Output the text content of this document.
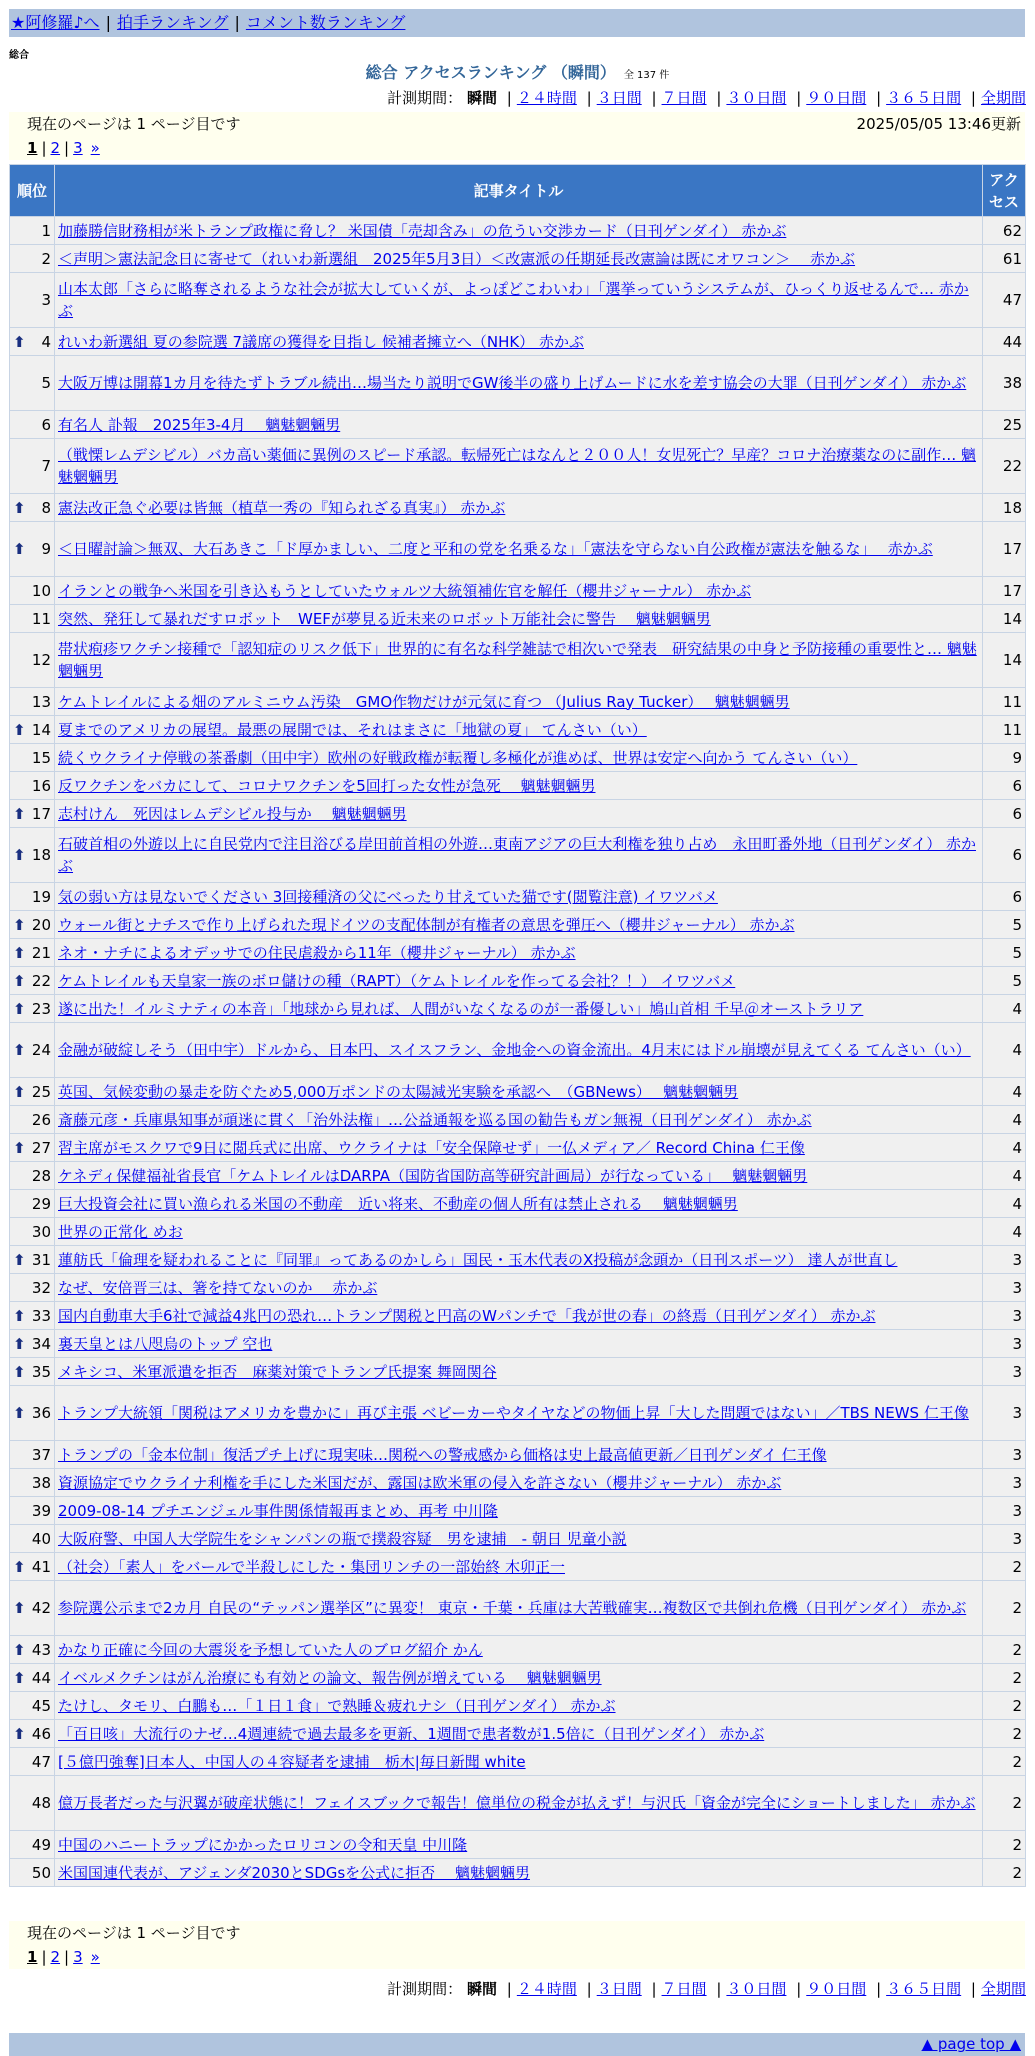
★阿修羅♪へ | 拍手ランキング | コメント数ランキング
総合
総合 アクセスランキング （瞬間） 全 137 件
計測期間： 瞬間 | ２４時間 | ３日間 | ７日間 | ３０日間 | ９０日間 | ３６５日間 | 全期間
現在のページは 1 ページ目です	2025/05/05 13:46更新
1 | 2 | 3 »
順位	記事タイトル	アクセス
1	加藤勝信財務相が米トランプ政権に脅し？ 米国債「売却含み」の危うい交渉カード（日刊ゲンダイ） 赤かぶ	62
2	＜声明＞憲法記念日に寄せて（れいわ新選組　2025年5月3日）＜改憲派の任期延長改憲論は既にオワコン＞　 赤かぶ	61
3	山本太郎「さらに略奪されるような社会が拡大していくが、よっぽどこわいわ」「選挙っていうシステムが、ひっくり返せるんで… 赤かぶ	47

⬆ 4	れいわ新選組 夏の参院選 7議席の獲得を目指し 候補者擁立へ（NHK） 赤かぶ	44
5	大阪万博は開幕1カ月を待たずトラブル続出…場当たり説明でGW後半の盛り上げムードに水を差す協会の大罪（日刊ゲンダイ） 赤かぶ	38
6	有名人 訃報　2025年3-4月　 魑魅魍魎男	25
7	（戦慄レムデシビル）バカ高い薬価に異例のスピード承認。転帰死亡はなんと２００人！女児死亡？早産？コロナ治療薬なのに副作… 魑魅魍魎男	22

⬆ 8	憲法改正急ぐ必要は皆無（植草一秀の『知られざる真実』） 赤かぶ	18

⬆ 9	＜日曜討論＞無双、大石あきこ「ド厚かましい、二度と平和の党を名乗るな」「憲法を守らない自公政権が憲法を触るな」　 赤かぶ	17
10	イランとの戦争へ米国を引き込もうとしていたウォルツ大統領補佐官を解任（櫻井ジャーナル） 赤かぶ	17
11	突然、発狂して暴れだすロボット　WEFが夢見る近未来のロボット万能社会に警告　 魑魅魍魎男	14
12	帯状疱疹ワクチン接種で「認知症のリスク低下」世界的に有名な科学雑誌で相次いで発表　研究結果の中身と予防接種の重要性と… 魑魅魍魎男	14
13	ケムトレイルによる畑のアルミニウム汚染　GMO作物だけが元気に育つ （Julius Ray Tucker）　 魑魅魍魎男	11

⬆ 14	夏までのアメリカの展望。最悪の展開では、それはまさに「地獄の夏」 てんさい（い）	11
15	続くウクライナ停戦の茶番劇（田中宇）欧州の好戦政権が転覆し多極化が進めば、世界は安定へ向かう てんさい（い）	9
16	反ワクチンをバカにして、コロナワクチンを5回打った女性が急死　 魑魅魍魎男	6

⬆ 17	志村けん　死因はレムデシビル投与か　 魑魅魍魎男	6

⬆ 18	石破首相の外遊以上に自民党内で注目浴びる岸田前首相の外遊…東南アジアの巨大利権を独り占め　永田町番外地（日刊ゲンダイ） 赤かぶ	6
19	気の弱い方は見ないでください 3回接種済の父にべったり甘えていた猫です(閲覧注意) イワツバメ	6

⬆ 20	ウォール街とナチスで作り上げられた現ドイツの支配体制が有権者の意思を弾圧へ（櫻井ジャーナル） 赤かぶ	5

⬆ 21	ネオ・ナチによるオデッサでの住民虐殺から11年（櫻井ジャーナル） 赤かぶ	5

⬆ 22	ケムトレイルも天皇家一族のボロ儲けの種（RAPT）（ケムトレイルを作ってる会社？！） イワツバメ	5

⬆ 23	遂に出た！イルミナティの本音」「地球から見れば、人間がいなくなるのが一番優しい」鳩山首相 千早＠オーストラリア	4

⬆ 24	金融が破綻しそう（田中宇）ドルから、日本円、スイスフラン、金地金への資金流出。4月末にはドル崩壊が見えてくる てんさい（い）	4

⬆ 25	英国、気候変動の暴走を防ぐため5,000万ポンドの太陽減光実験を承認へ　（GBNews）　 魑魅魍魎男	4
26	斎藤元彦・兵庫県知事が頑迷に貫く「治外法権」…公益通報を巡る国の勧告もガン無視（日刊ゲンダイ） 赤かぶ	4

⬆ 27	習主席がモスクワで9日に閲兵式に出席、ウクライナは「安全保障せず」一仏メディア／ Record China 仁王像	4
28	ケネディ保健福祉省長官「ケムトレイルはDARPA（国防省国防高等研究計画局）が行なっている」　 魑魅魍魎男	4
29	巨大投資会社に買い漁られる米国の不動産　近い将来、不動産の個人所有は禁止される　 魑魅魍魎男	4
30	世界の正常化 めお	4

⬆ 31	蓮舫氏「倫理を疑われることに『同罪』ってあるのかしら」国民・玉木代表のX投稿が念頭か（日刊スポーツ） 達人が世直し	3
32	なぜ、安倍晋三は、箸を持てないのか　 赤かぶ	3

⬆ 33	国内自動車大手6社で減益4兆円の恐れ…トランプ関税と円高のWパンチで「我が世の春」の終焉（日刊ゲンダイ） 赤かぶ	3

⬆ 34	裏天皇とは八咫烏のトップ 空也	3

⬆ 35	メキシコ、米軍派遣を拒否　麻薬対策でトランプ氏提案 舞岡関谷	3

⬆ 36	トランプ大統領「関税はアメリカを豊かに」再び主張 ベビーカーやタイヤなどの物価上昇「大した問題ではない」／TBS NEWS 仁王像	3
37	トランプの「金本位制」復活プチ上げに現実味…関税への警戒感から価格は史上最高値更新／日刊ゲンダイ 仁王像	3
38	資源協定でウクライナ利権を手にした米国だが、露国は欧米軍の侵入を許さない（櫻井ジャーナル） 赤かぶ	3
39	2009-08-14 プチエンジェル事件関係情報再まとめ、再考 中川隆	3
40	大阪府警、中国人大学院生をシャンパンの瓶で撲殺容疑　男を逮捕　- 朝日 児童小説	3

⬆ 41	（社会）「素人」をバールで半殺しにした・集団リンチの一部始終 木卯正一	2

⬆ 42	参院選公示まで2カ月 自民の“テッパン選挙区”に異変！ 東京・千葉・兵庫は大苦戦確実…複数区で共倒れ危機（日刊ゲンダイ） 赤かぶ	2

⬆ 43	かなり正確に今回の大震災を予想していた人のブログ紹介 かん	2

⬆ 44	イベルメクチンはがん治療にも有効との論文、報告例が増えている　 魑魅魍魎男	2
45	たけし、タモリ、白鵬も…「１日１食」で熟睡＆疲れナシ（日刊ゲンダイ） 赤かぶ	2

⬆ 46	「百日咳」大流行のナゼ…4週連続で過去最多を更新、1週間で患者数が1.5倍に（日刊ゲンダイ） 赤かぶ	2
47	[５億円強奪]日本人、中国人の４容疑者を逮捕　栃木|毎日新聞 white	2
48	億万長者だった与沢翼が破産状態に！フェイスブックで報告！億単位の税金が払えず！与沢氏「資金が完全にショートしました」 赤かぶ	2
49	中国のハニートラップにかかったロリコンの令和天皇 中川隆	2
50	米国国連代表が、アジェンダ2030とSDGsを公式に拒否　 魑魅魍魎男	2
計測期間： 瞬間 | ２４時間 | ３日間 | ７日間 | ３０日間 | ９０日間 | ３６５日間 | 全期間
現在のページは 1 ページ目です
1 | 2 | 3 »
▲ page top ▲
